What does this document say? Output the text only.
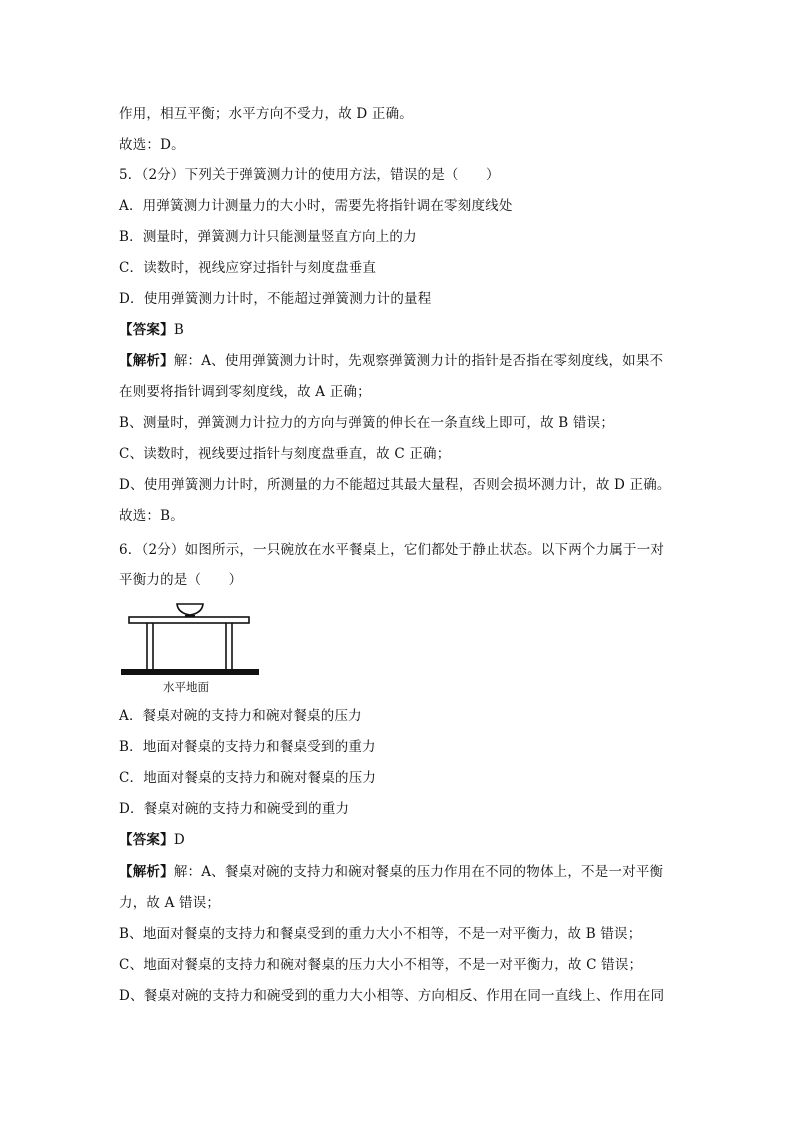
作用，相互平衡；水平方向不受力，故 D 正确。
故选：D。
5．（2分）下列关于弹簧测力计的使用方法，错误的是（　　）
A．用弹簧测力计测量力的大小时，需要先将指针调在零刻度线处
B．测量时，弹簧测力计只能测量竖直方向上的力
C．读数时，视线应穿过指针与刻度盘垂直
D．使用弹簧测力计时，不能超过弹簧测力计的量程
【答案】B
【解析】解：A、使用弹簧测力计时，先观察弹簧测力计的指针是否指在零刻度线，如果不
在则要将指针调到零刻度线，故 A 正确；
B、测量时，弹簧测力计拉力的方向与弹簧的伸长在一条直线上即可，故 B 错误；
C、读数时，视线要过指针与刻度盘垂直，故 C 正确；
D、使用弹簧测力计时，所测量的力不能超过其最大量程，否则会损坏测力计，故 D 正确。
故选：B。
6．（2分）如图所示，一只碗放在水平餐桌上，它们都处于静止状态。以下两个力属于一对
平衡力的是（　　）
水平地面
A．餐桌对碗的支持力和碗对餐桌的压力
B．地面对餐桌的支持力和餐桌受到的重力
C．地面对餐桌的支持力和碗对餐桌的压力
D．餐桌对碗的支持力和碗受到的重力
【答案】D
【解析】解：A、餐桌对碗的支持力和碗对餐桌的压力作用在不同的物体上，不是一对平衡
力，故 A 错误；
B、地面对餐桌的支持力和餐桌受到的重力大小不相等，不是一对平衡力，故 B 错误；
C、地面对餐桌的支持力和碗对餐桌的压力大小不相等，不是一对平衡力，故 C 错误；
D、餐桌对碗的支持力和碗受到的重力大小相等、方向相反、作用在同一直线上、作用在同
